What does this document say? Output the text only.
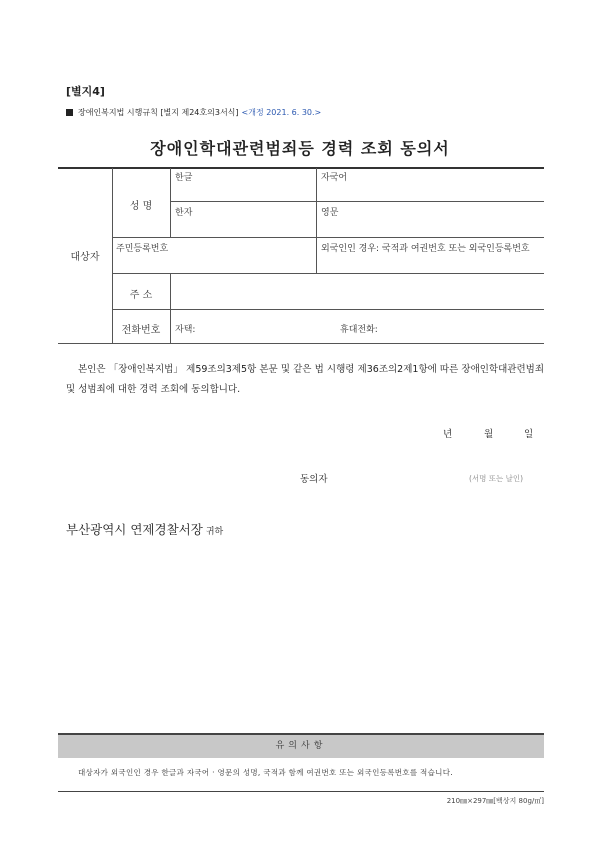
[별지4]
장애인복지법 시행규칙 [별지 제24호의3서식] <개정 2021. 6. 30.>
장애인학대관련범죄등 경력 조회 동의서
대상자
성 명
한글	자국어
한자	영문
주민등록번호	외국인인 경우: 국적과 여권번호 또는 외국인등록번호
주 소
전화번호	자택:	휴대전화:
본인은 「장애인복지법」 제59조의3제5항 본문 및 같은 법 시행령 제36조의2제1항에 따른 장애인학대관련범죄 및 성범죄에 대한 경력 조회에 동의합니다.
년	월	일
동의자	(서명 또는 날인)
부산광역시 연제경찰서장 귀하
유의사항
대상자가 외국인인 경우 한글과 자국어 · 영문의 성명, 국적과 함께 여권번호 또는 외국인등록번호를 적습니다.
210㎜×297㎜[백상지 80g/㎡]
